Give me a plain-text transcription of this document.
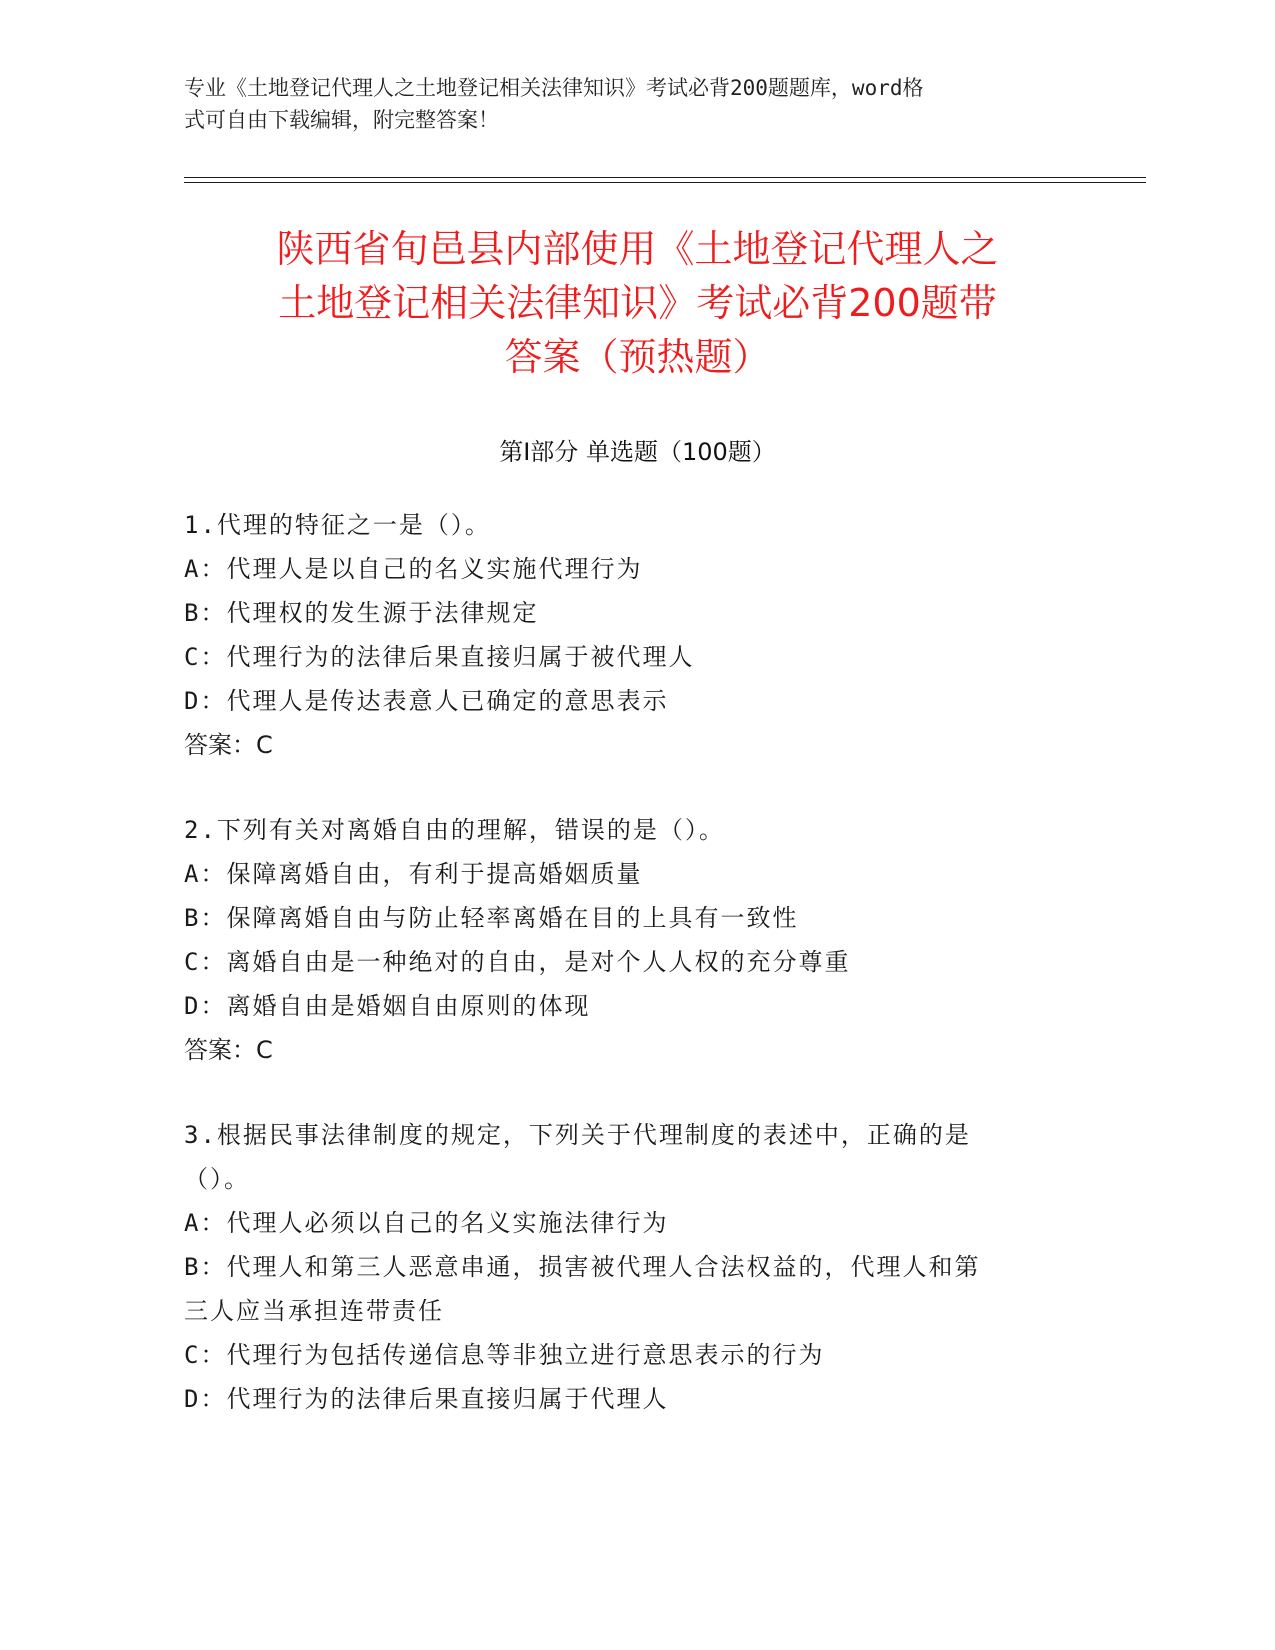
专业《土地登记代理人之土地登记相关法律知识》考试必背200题题库，word格
式可自由下载编辑，附完整答案！
陕西省旬邑县内部使用《土地登记代理人之
土地登记相关法律知识》考试必背200题带
答案（预热题）
第Ⅰ部分 单选题（100题）
1.代理的特征之一是（）。
A：代理人是以自己的名义实施代理行为
B：代理权的发生源于法律规定
C：代理行为的法律后果直接归属于被代理人
D：代理人是传达表意人已确定的意思表示
答案：C
2.下列有关对离婚自由的理解，错误的是（）。
A：保障离婚自由，有利于提高婚姻质量
B：保障离婚自由与防止轻率离婚在目的上具有一致性
C：离婚自由是一种绝对的自由，是对个人人权的充分尊重
D：离婚自由是婚姻自由原则的体现
答案：C
3.根据民事法律制度的规定，下列关于代理制度的表述中，正确的是
（）。
A：代理人必须以自己的名义实施法律行为
B：代理人和第三人恶意串通，损害被代理人合法权益的，代理人和第
三人应当承担连带责任
C：代理行为包括传递信息等非独立进行意思表示的行为
D：代理行为的法律后果直接归属于代理人
